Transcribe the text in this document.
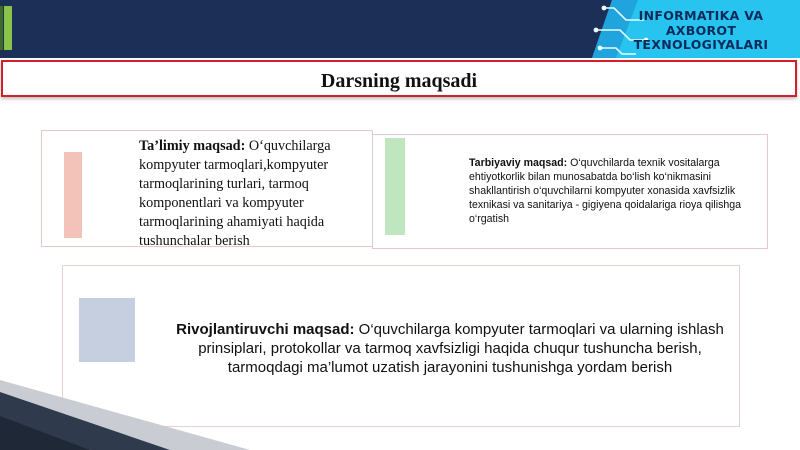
INFORMATIKA VA
AXBOROT
TEXNOLOGIYALARI
Darsning maqsadi
Ta’limiy maqsad: O‘quvchilarga kompyuter tarmoqlari,kompyuter tarmoqlarining turlari, tarmoq komponentlari va kompyuter tarmoqlarining ahamiyati haqida tushunchalar berish
Tarbiyaviy maqsad: O‘quvchilarda texnik vositalarga ehtiyotkorlik bilan munosabatda bo‘lish ko‘nikmasini shakllantirish o‘quvchilarni kompyuter xonasida xavfsizlik texnikasi va sanitariya - gigiyena qoidalariga rioya qilishga o‘rgatish
Rivojlantiruvchi maqsad: O‘quvchilarga kompyuter tarmoqlari va ularning ishlash prinsiplari, protokollar va tarmoq xavfsizligi haqida chuqur tushuncha berish, tarmoqdagi ma’lumot uzatish jarayonini tushunishga yordam berish
